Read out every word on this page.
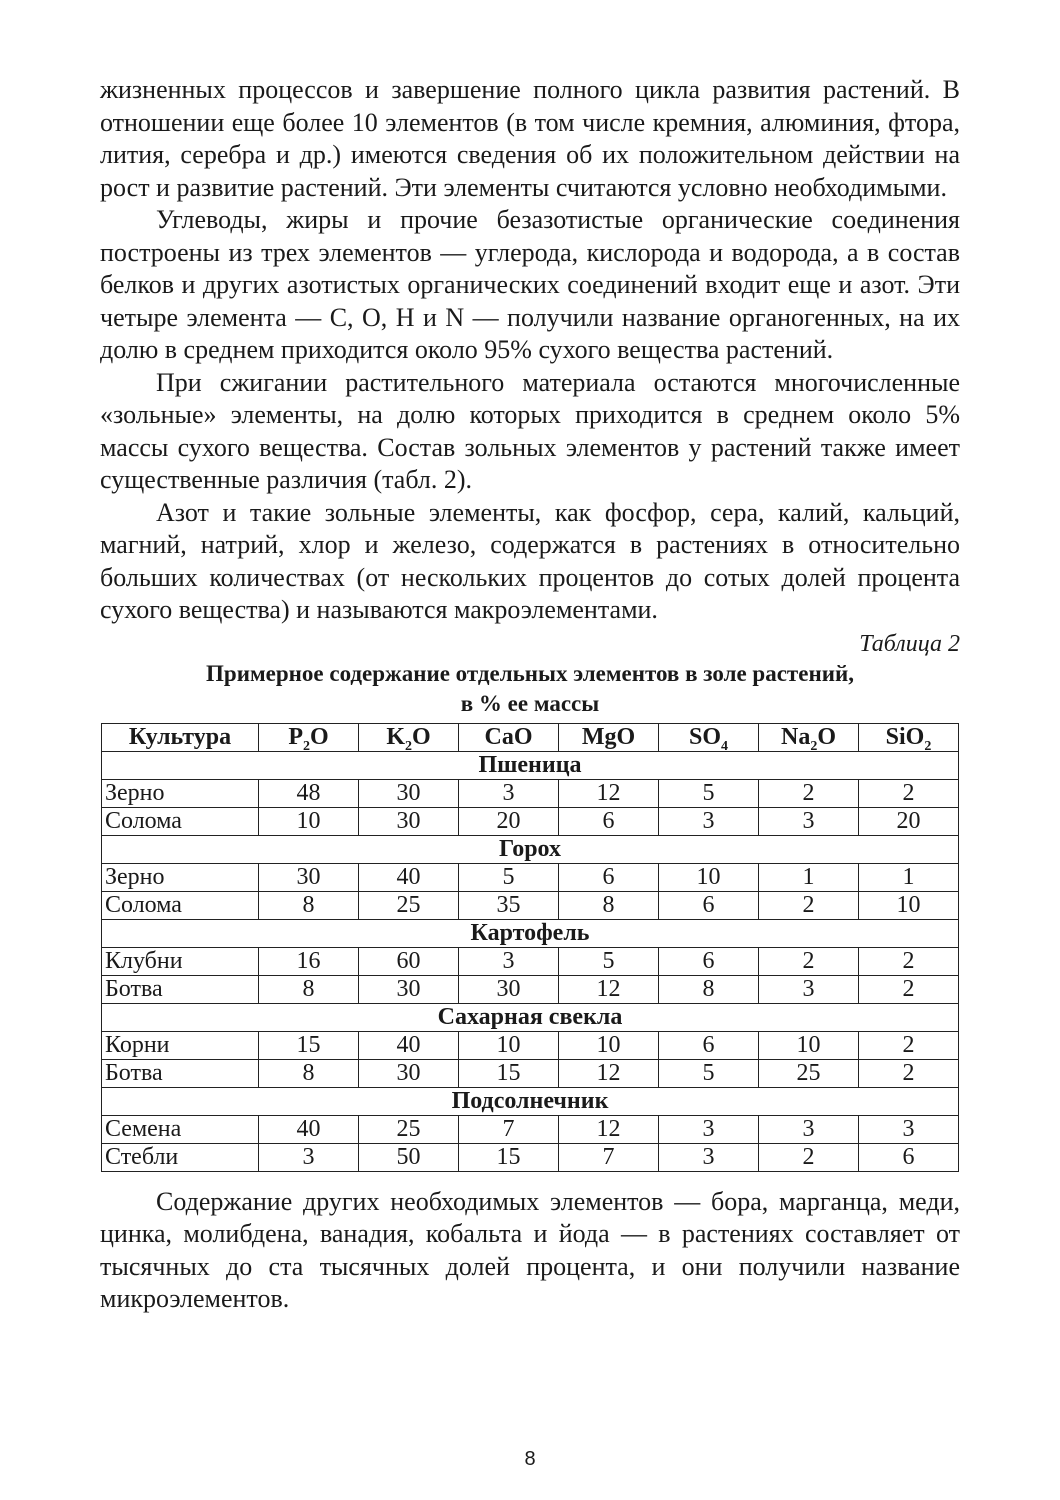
жизненных процессов и завершение полного цикла развития растений. В отношении еще более 10 элементов (в том числе кремния, алюминия, фтора, лития, серебра и др.) имеются сведения об их положительном действии на рост и развитие растений. Эти элементы считаются условно необходимыми.

Углеводы, жиры и прочие безазотистые органические соединения построены из трех элементов — углерода, кислорода и водорода, а в состав белков и других азотистых органических соединений входит еще и азот. Эти четыре элемента — C, O, H и N — получили название органогенных, на их долю в среднем приходится около 95% сухого вещества растений.

При сжигании растительного материала остаются многочисленные «зольные» элементы, на долю которых приходится в среднем около 5% массы сухого вещества. Состав зольных элементов у растений также имеет существенные различия (табл. 2).

Азот и такие зольные элементы, как фосфор, сера, калий, кальций, магний, натрий, хлор и железо, содержатся в растениях в относительно больших количествах (от нескольких процентов до сотых долей процента сухого вещества) и называются макроэлементами.

Таблица 2
Примерное содержание отдельных элементов в золе растений,
в % ее массы
Культура	$P_2O$	$K_2O$	CaO	MgO	$SO_4$	$Na_2O$	SiO$_2$
Пшеница							
Зерно	48	30	3	12	5	2	2
Солома	10	30	20	6	3	3	20
Горох							
Зерно	30	40	5	6	10	1	1
Солома	8	25	35	8	6	2	10
Картофель							
Клубни	16	60	3	5	6	2	2
Ботва	8	30	30	12	8	3	2
Сахарная свекла							
Корни	15	40	10	10	6	10	2
Ботва	8	30	15	12	5	25	2
Подсолнечник							
Семена	40	25	7	12	3	3	3
Стебли	3	50	15	7	3	2	6

Содержание других необходимых элементов — бора, марганца, меди, цинка, молибдена, ванадия, кобальта и йода — в растениях составляет от тысячных до ста тысячных долей процента, и они получили название микроэлементов.

8
